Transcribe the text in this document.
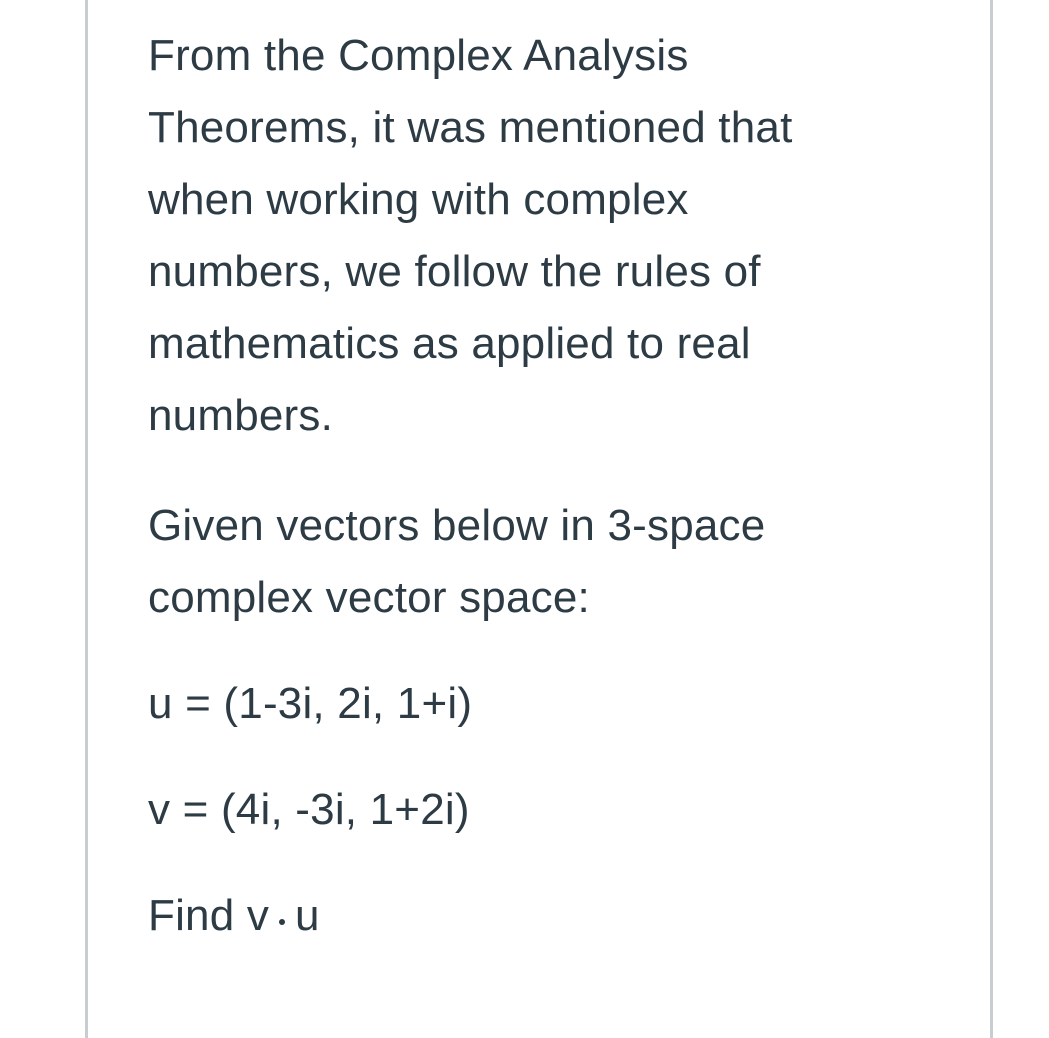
From the Complex Analysis Theorems, it was mentioned that when working with complex numbers, we follow the rules of mathematics as applied to real numbers.

Given vectors below in 3-space complex vector space:

u = (1-3i, 2i, 1+i)

v = (4i, -3i, 1+2i)

Find v u
